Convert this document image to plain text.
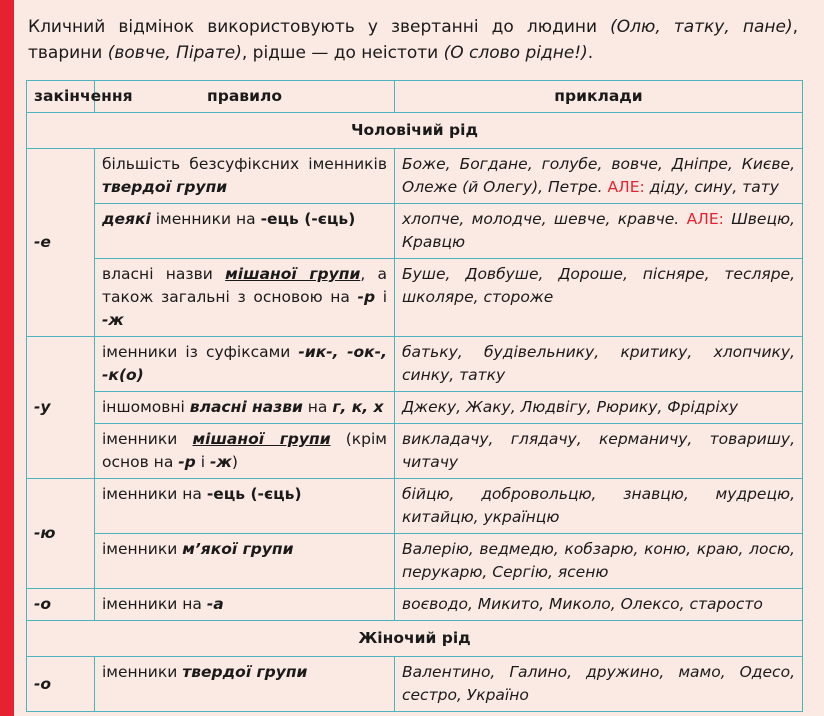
Кличний відмінок використовують у звертанні до людини (Олю, татку, пане), тварини (вовче, Пірате), рідше — до неістоти (О слово рідне!).

закінчення	правило	приклади
Чоловічий рід		
-е	більшість безсуфіксних іменників твердої групи	Боже, Богдане, голубе, вовче, Дніпре, Києве, Олеже (й Олегу), Петре. АЛЕ: діду, сину, тату
	деякі іменники на -ець (-єць)	хлопче, молодче, шевче, кравче. АЛЕ: Швецю, Кравцю
	власні назви мішаної групи, а також загальні з основою на -р і -ж	Буше, Довбуше, Дороше, пісняре, тесляре, школяре, стороже
-у	іменники із суфіксами -ик-, -ок-, -к(о)	батьку, будівельнику, критику, хлопчику, синку, татку
	іншомовні власні назви на г, к, х	Джеку, Жаку, Людвігу, Рюрику, Фрідріху
	іменники мішаної групи (крім основ на -р і -ж)	викладачу, глядачу, керманичу, товаришу, читачу
-ю	іменники на -ець (-єць)	бійцю, добровольцю, знавцю, мудрецю, китайцю, українцю
	іменники м’якої групи	Валерію, ведмедю, кобзарю, коню, краю, лосю, перукарю, Сергію, ясеню
-о	іменники на -а	воєводо, Микито, Миколо, Олексо, старосто
Жіночий рід		
-о	іменники твердої групи	Валентино, Галино, дружино, мамо, Одесо, сестро, Україно
